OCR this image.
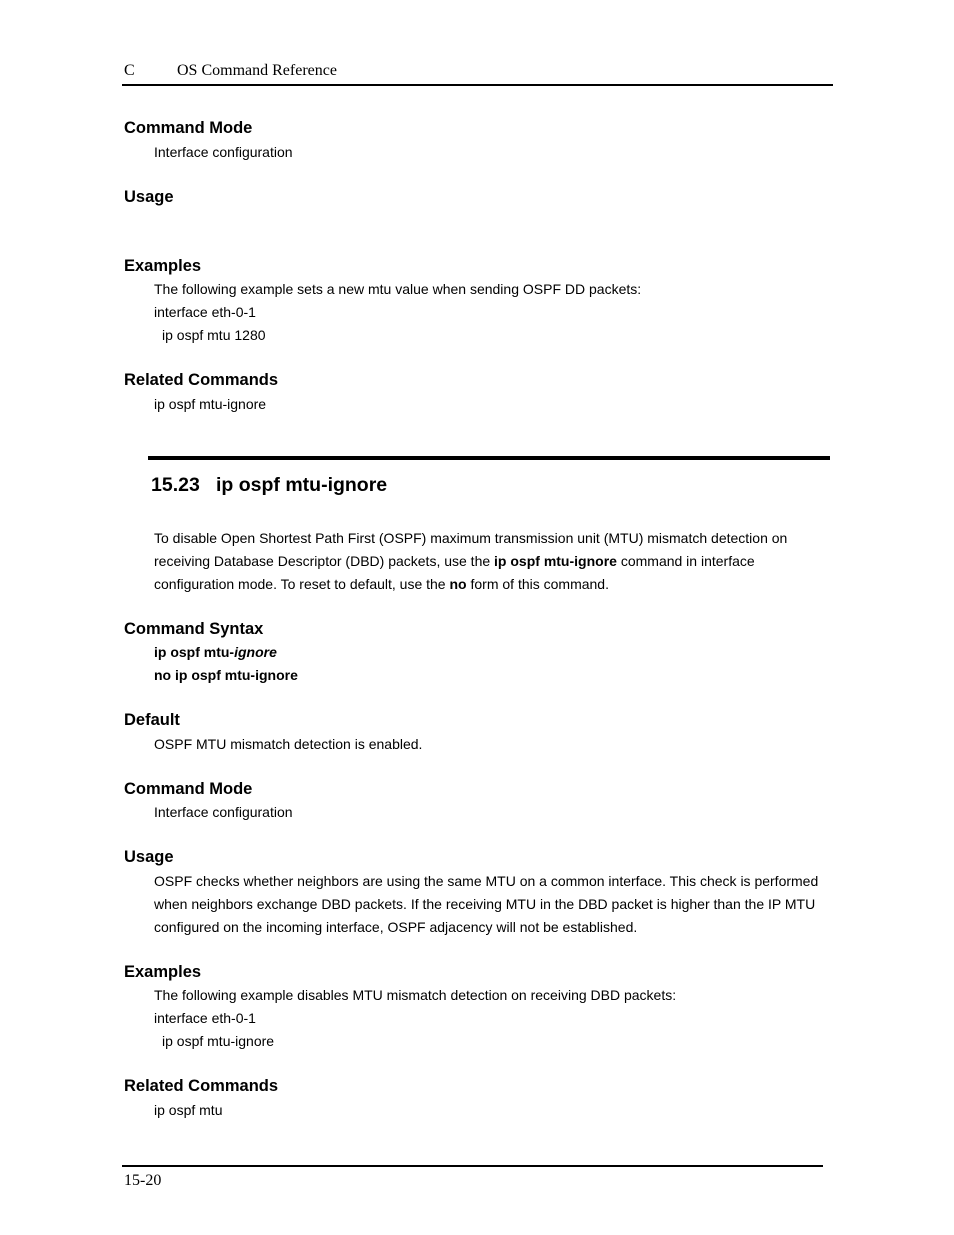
C	OS Command Reference
Command Mode
Interface configuration
Usage
Examples
The following example sets a new mtu value when sending OSPF DD packets:
interface eth-0-1
ip ospf mtu 1280
Related Commands
ip ospf mtu-ignore
15.23 ip ospf mtu-ignore

To disable Open Shortest Path First (OSPF) maximum transmission unit (MTU) mismatch detection on receiving Database Descriptor (DBD) packets, use the ip ospf mtu-ignore command in interface configuration mode. To reset to default, use the no form of this command.

Command Syntax
ip ospf mtu-ignore
no ip ospf mtu-ignore
Default
OSPF MTU mismatch detection is enabled.
Command Mode
Interface configuration
Usage

OSPF checks whether neighbors are using the same MTU on a common interface. This check is performed when neighbors exchange DBD packets. If the receiving MTU in the DBD packet is higher than the IP MTU configured on the incoming interface, OSPF adjacency will not be established.

Examples
The following example disables MTU mismatch detection on receiving DBD packets:
interface eth-0-1
ip ospf mtu-ignore
Related Commands
ip ospf mtu
15-20
